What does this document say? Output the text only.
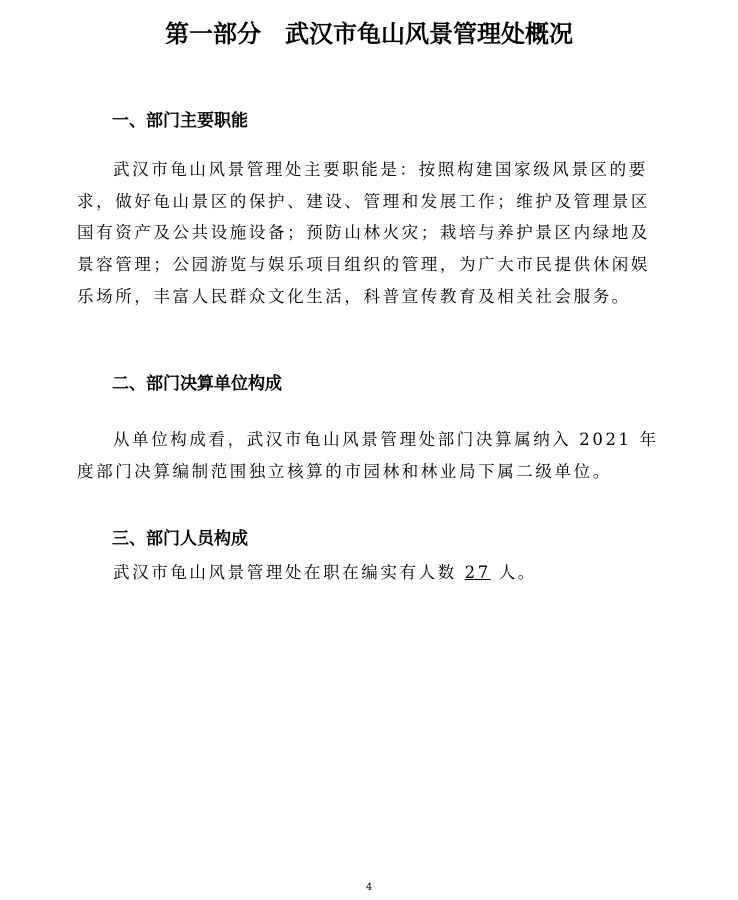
第一部分　武汉市龟山风景管理处概况
一、部门主要职能
武汉市龟山风景管理处主要职能是：按照构建国家级风景区的要
求，做好龟山景区的保护、建设、管理和发展工作；维护及管理景区
国有资产及公共设施设备；预防山林火灾；栽培与养护景区内绿地及
景容管理；公园游览与娱乐项目组织的管理，为广大市民提供休闲娱
乐场所，丰富人民群众文化生活，科普宣传教育及相关社会服务。
二、部门决算单位构成
从单位构成看，武汉市龟山风景管理处部门决算属纳入 2021 年
度部门决算编制范围独立核算的市园林和林业局下属二级单位。
三、部门人员构成
武汉市龟山风景管理处在职在编实有人数 27 人。
4
